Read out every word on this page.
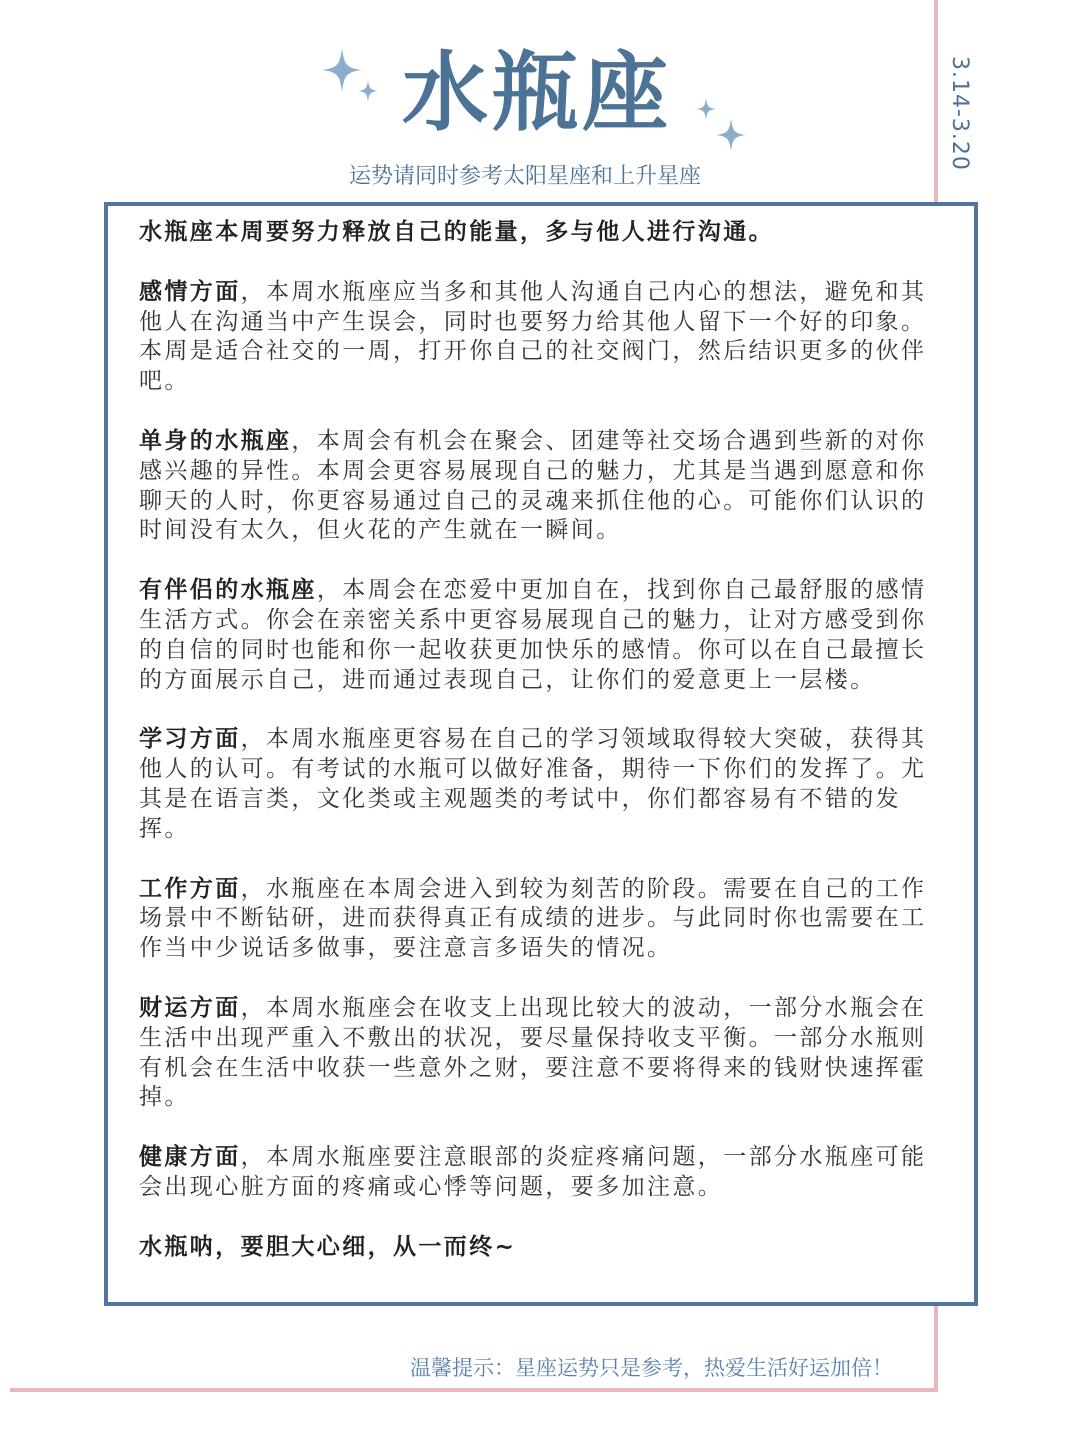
水瓶座
运势请同时参考太阳星座和上升星座
3.14-3.20

水瓶座本周要努力释放自己的能量，多与他人进行沟通。

感情方面，本周水瓶座应当多和其他人沟通自己内心的想法，避免和其他人在沟通当中产生误会，同时也要努力给其他人留下一个好的印象。本周是适合社交的一周，打开你自己的社交阀门，然后结识更多的伙伴吧。

单身的水瓶座，本周会有机会在聚会、团建等社交场合遇到些新的对你感兴趣的异性。本周会更容易展现自己的魅力，尤其是当遇到愿意和你聊天的人时，你更容易通过自己的灵魂来抓住他的心。可能你们认识的时间没有太久，但火花的产生就在一瞬间。

有伴侣的水瓶座，本周会在恋爱中更加自在，找到你自己最舒服的感情生活方式。你会在亲密关系中更容易展现自己的魅力，让对方感受到你的自信的同时也能和你一起收获更加快乐的感情。你可以在自己最擅长的方面展示自己，进而通过表现自己，让你们的爱意更上一层楼。

学习方面，本周水瓶座更容易在自己的学习领域取得较大突破，获得其他人的认可。有考试的水瓶可以做好准备，期待一下你们的发挥了。尤其是在语言类，文化类或主观题类的考试中，你们都容易有不错的发挥。

工作方面，水瓶座在本周会进入到较为刻苦的阶段。需要在自己的工作场景中不断钻研，进而获得真正有成绩的进步。与此同时你也需要在工作当中少说话多做事，要注意言多语失的情况。

财运方面，本周水瓶座会在收支上出现比较大的波动，一部分水瓶会在生活中出现严重入不敷出的状况，要尽量保持收支平衡。一部分水瓶则有机会在生活中收获一些意外之财，要注意不要将得来的钱财快速挥霍掉。

健康方面，本周水瓶座要注意眼部的炎症疼痛问题，一部分水瓶座可能会出现心脏方面的疼痛或心悸等问题，要多加注意。

水瓶呐，要胆大心细，从一而终~

温馨提示：星座运势只是参考，热爱生活好运加倍！
